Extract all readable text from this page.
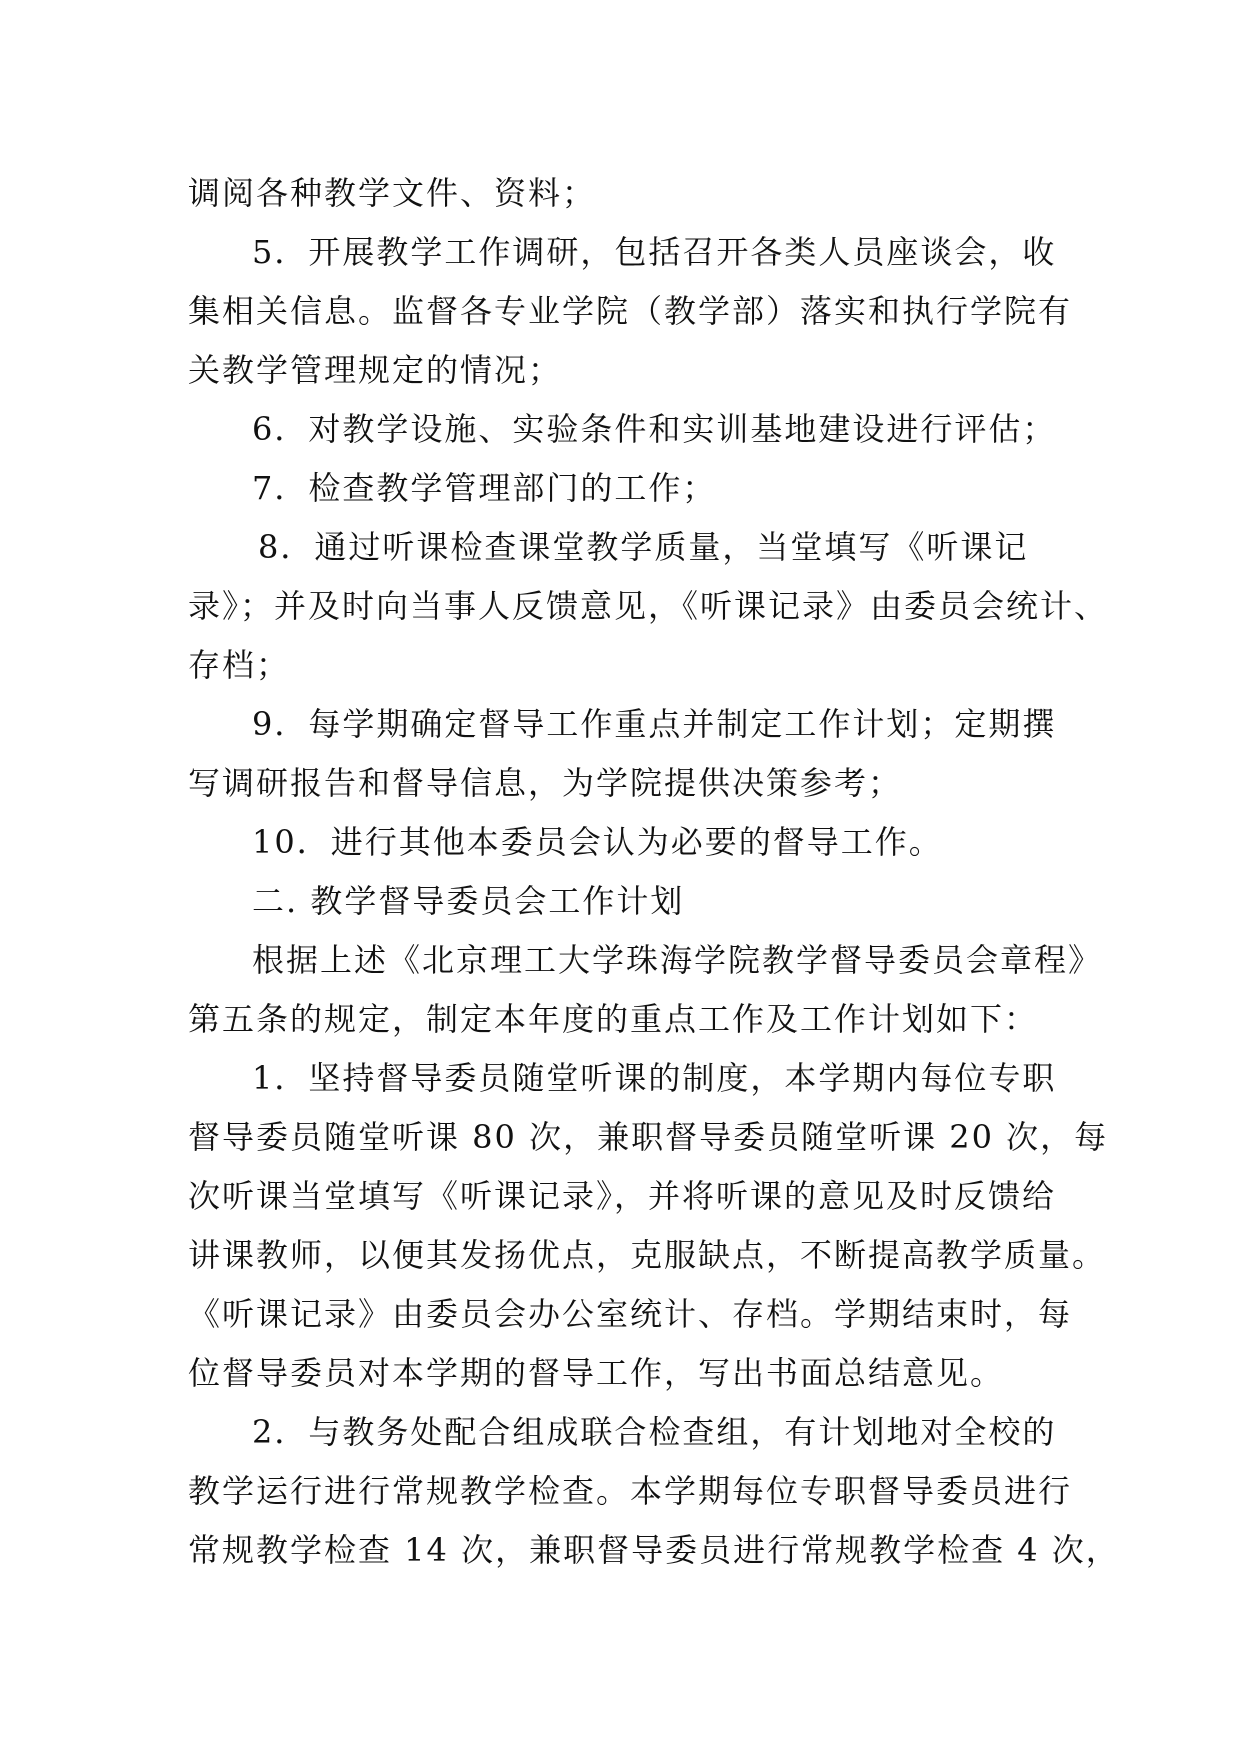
调阅各种教学文件、资料；
5．开展教学工作调研，包括召开各类人员座谈会，收
集相关信息。监督各专业学院（教学部）落实和执行学院有
关教学管理规定的情况；
6．对教学设施、实验条件和实训基地建设进行评估；
7．检查教学管理部门的工作；
8．通过听课检查课堂教学质量，当堂填写《听课记
录》；并及时向当事人反馈意见，《听课记录》由委员会统计、
存档；
9．每学期确定督导工作重点并制定工作计划；定期撰
写调研报告和督导信息，为学院提供决策参考；
10．进行其他本委员会认为必要的督导工作。
二. 教学督导委员会工作计划
根据上述《北京理工大学珠海学院教学督导委员会章程》
第五条的规定，制定本年度的重点工作及工作计划如下：
1．坚持督导委员随堂听课的制度，本学期内每位专职
督导委员随堂听课 80 次，兼职督导委员随堂听课 20 次，每
次听课当堂填写《听课记录》，并将听课的意见及时反馈给
讲课教师，以便其发扬优点，克服缺点，不断提高教学质量。
《听课记录》由委员会办公室统计、存档。学期结束时，每
位督导委员对本学期的督导工作，写出书面总结意见。
2．与教务处配合组成联合检查组，有计划地对全校的
教学运行进行常规教学检查。本学期每位专职督导委员进行
常规教学检查 14 次，兼职督导委员进行常规教学检查 4 次，
